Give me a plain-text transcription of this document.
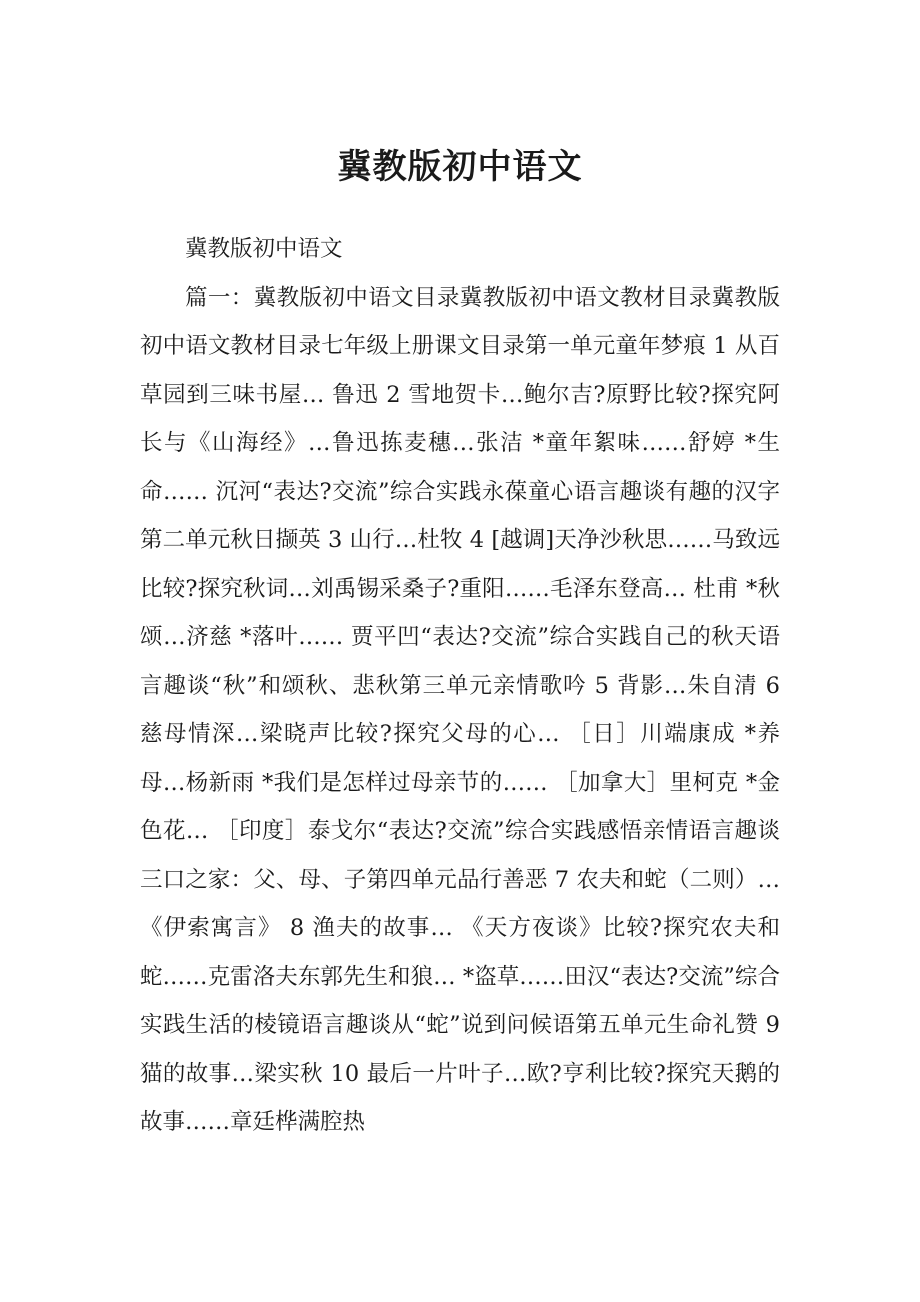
冀教版初中语文

冀教版初中语文

篇一：冀教版初中语文目录冀教版初中语文教材目录冀教版初中语文教材目录七年级上册课文目录第一单元童年梦痕 1 从百草园到三味书屋… 鲁迅 2 雪地贺卡…鲍尔吉?原野比较?探究阿长与《山海经》…鲁迅拣麦穗…张洁 *童年絮味……舒婷 *生命…… 沉河“表达?交流”综合实践永葆童心语言趣谈有趣的汉字第二单元秋日撷英 3 山行…杜牧 4 [越调]天净沙秋思……马致远比较?探究秋词…刘禹锡采桑子?重阳……毛泽东登高… 杜甫 *秋颂…济慈 *落叶…… 贾平凹“表达?交流”综合实践自己的秋天语言趣谈“秋”和颂秋、悲秋第三单元亲情歌吟 5 背影…朱自清 6 慈母情深…梁晓声比较?探究父母的心… ［日］川端康成 *养母…杨新雨 *我们是怎样过母亲节的…… ［加拿大］里柯克 *金色花… ［印度］泰戈尔“表达?交流”综合实践感悟亲情语言趣谈三口之家：父、母、子第四单元品行善恶 7 农夫和蛇（二则）…《伊索寓言》 8 渔夫的故事… 《天方夜谈》比较?探究农夫和蛇……克雷洛夫东郭先生和狼… *盗草……田汉“表达?交流”综合实践生活的棱镜语言趣谈从“蛇”说到问候语第五单元生命礼赞 9 猫的故事…梁实秋 10 最后一片叶子…欧?亨利比较?探究天鹅的故事……章廷桦满腔热
